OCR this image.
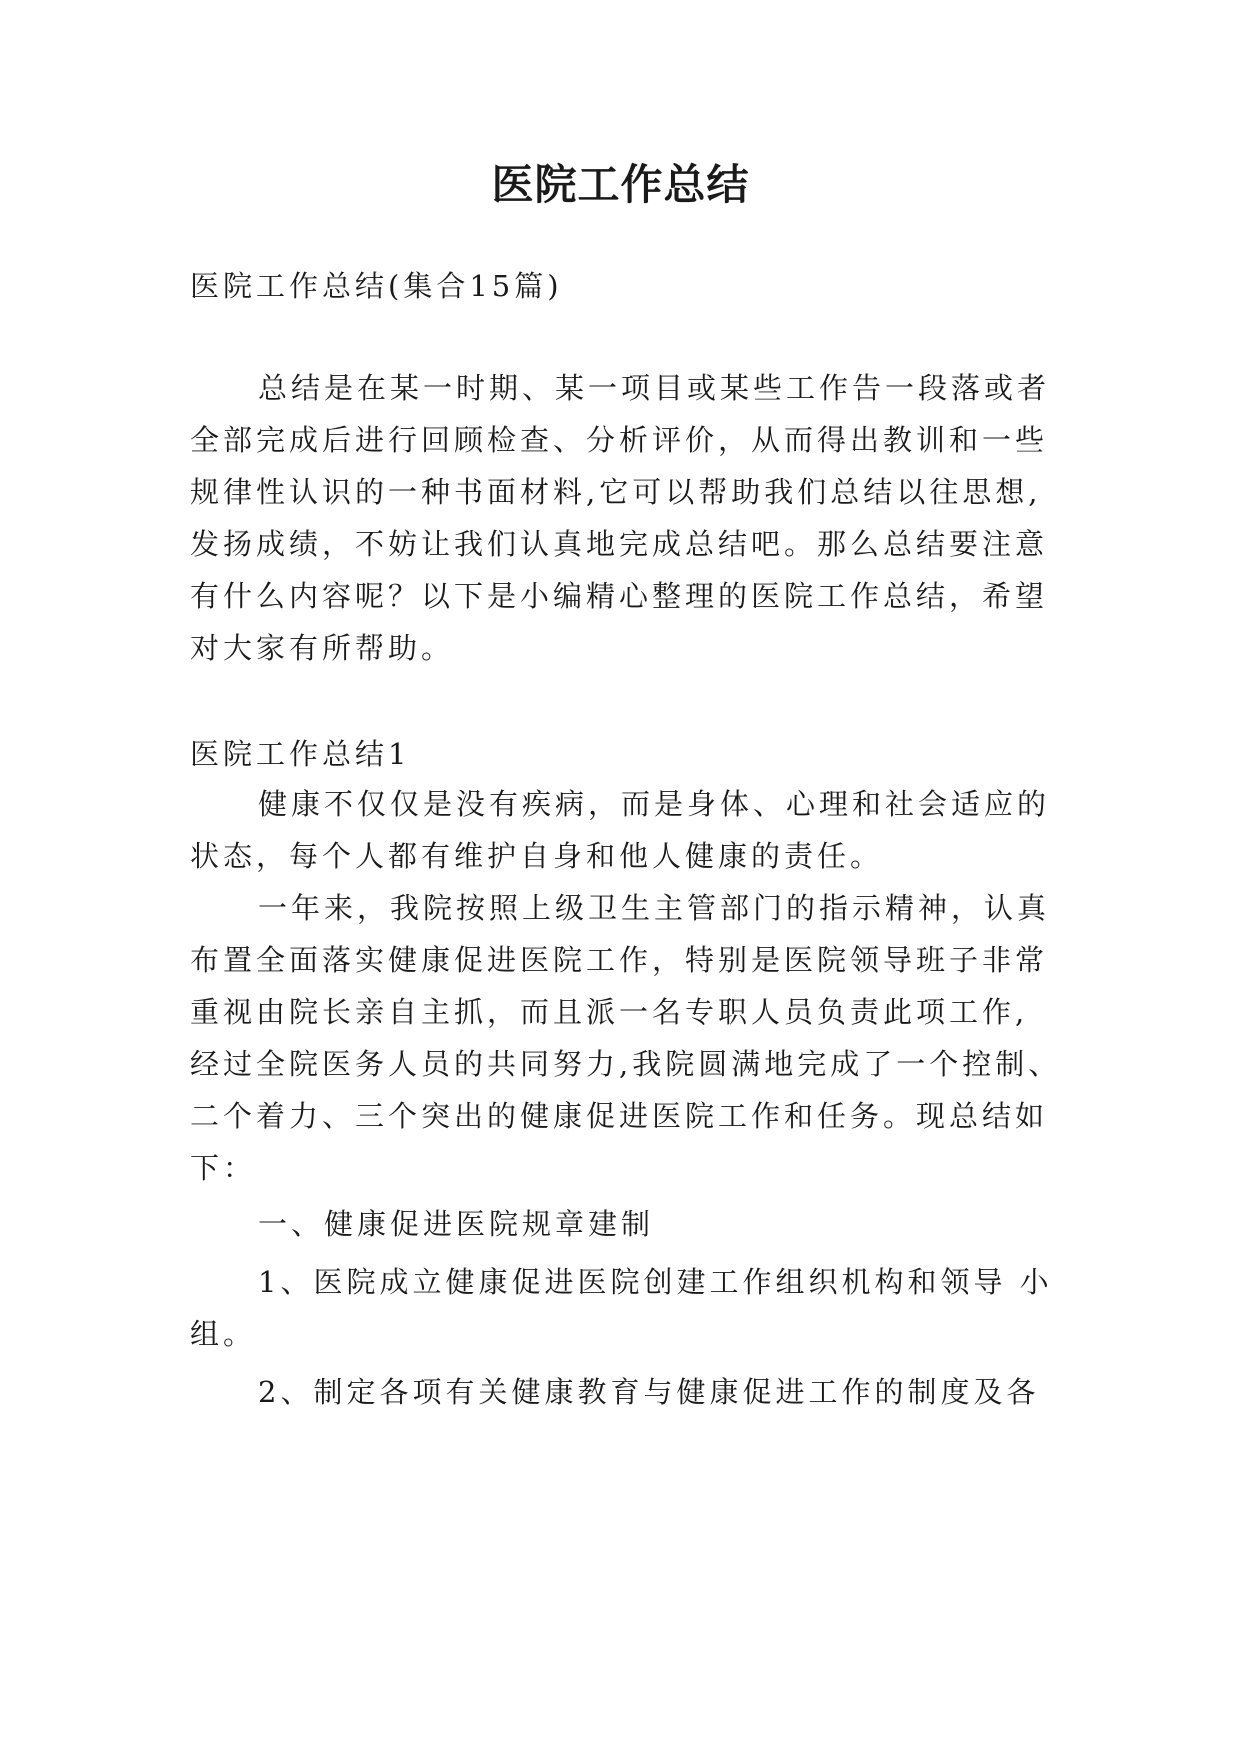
医院工作总结
医院工作总结(集合15篇)
总结是在某一时期、某一项目或某些工作告一段落或者
全部完成后进行回顾检查、分析评价，从而得出教训和一些
规律性认识的一种书面材料,它可以帮助我们总结以往思想,
发扬成绩，不妨让我们认真地完成总结吧。那么总结要注意
有什么内容呢？以下是小编精心整理的医院工作总结，希望
对大家有所帮助。
医院工作总结1
健康不仅仅是没有疾病，而是身体、心理和社会适应的
状态，每个人都有维护自身和他人健康的责任。
一年来，我院按照上级卫生主管部门的指示精神，认真
布置全面落实健康促进医院工作，特别是医院领导班子非常
重视由院长亲自主抓，而且派一名专职人员负责此项工作,
经过全院医务人员的共同努力,我院圆满地完成了一个控制、
二个着力、三个突出的健康促进医院工作和任务。现总结如
下：
一、健康促进医院规章建制
1、医院成立健康促进医院创建工作组织机构和领导 小
组。
2、制定各项有关健康教育与健康促进工作的制度及各
